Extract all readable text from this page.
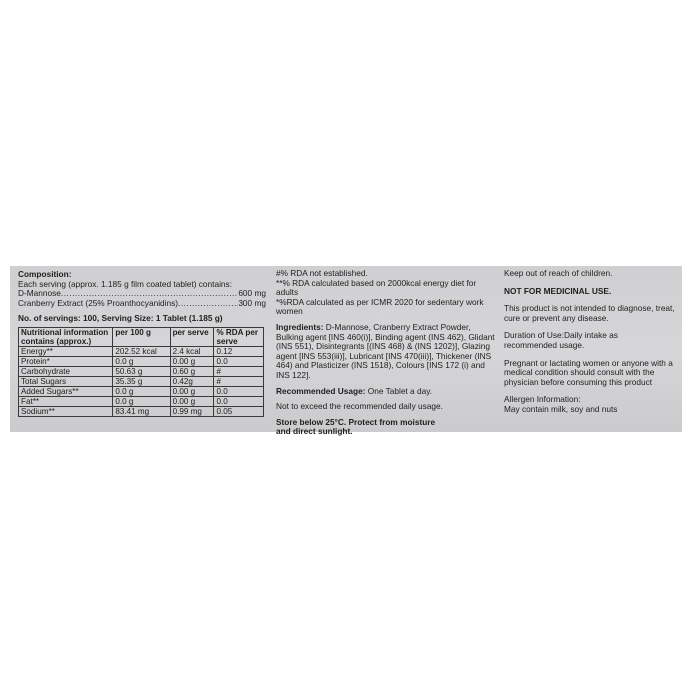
Composition:
Each serving (approx. 1.185 g film coated tablet) contains:
D-Mannose .....	600 mg
Cranberry Extract (25% Proanthocyanidins) .....	300 mg
No. of servings: 100, Serving Size: 1 Tablet (1.185 g)
Nutritional information contains (approx.)	per 100 g	per serve	% RDA per serve
Energy**	202.52 kcal	2.4 kcal	0.12
Protein*	0.0 g	0.00 g	0.0
Carbohydrate	50.63 g	0.60 g	#
Total Sugars	35.35 g	0.42g	#
Added Sugars**	0.0 g	0.00 g	0.0
Fat**	0.0 g	0.00 g	0.0
Sodium**	83.41 mg	0.99 mg	0.05
#% RDA not established.
**% RDA calculated based on 2000kcal energy diet for adults
*%RDA calculated as per ICMR 2020 for sedentary work women
Ingredients: D-Mannose, Cranberry Extract Powder, Bulking agent [INS 460(i)], Binding agent (INS 462), Glidant (INS 551), Disintegrants [(INS 468) & (INS 1202)], Glazing agent [INS 553(iii)], Lubricant [INS 470(iii)], Thickener (INS 464) and Plasticizer (INS 1518), Colours [INS 172 (i) and INS 122].
Recommended Usage: One Tablet a day.
Not to exceed the recommended daily usage.
Store below 25°C. Protect from moisture and direct sunlight.
Keep out of reach of children.
NOT FOR MEDICINAL USE.
This product is not intended to diagnose, treat, cure or prevent any disease.
Duration of Use:Daily intake as recommended usage.
Pregnant or lactating women or anyone with a medical condition should consult with the physician before consuming this product
Allergen Information:
May contain milk, soy and nuts
